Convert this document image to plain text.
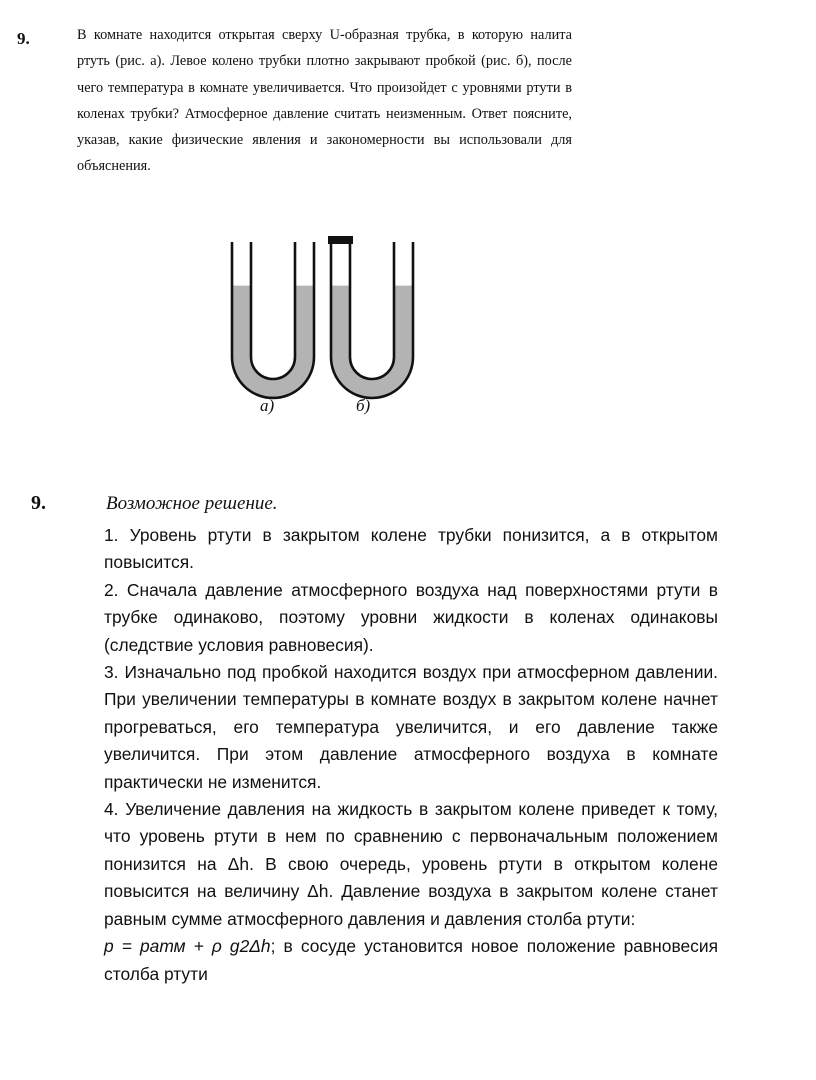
9.	В комнате находится открытая сверху U-образная трубка, в которую налита ртуть (рис. а). Левое колено трубки плотно закрывают пробкой (рис. б), после чего температура в комнате увеличивается. Что произойдет с уровнями ртути в коленах трубки? Атмосферное давление считать неизменным. Ответ поясните, указав, какие физические явления и закономерности вы использовали для объяснения.
а)	б)
9.	Возможное решение.

1. Уровень ртути в закрытом колене трубки понизится, а в открытом повысится.

2. Сначала давление атмосферного воздуха над поверхностями ртути в трубке одинаково, поэтому уровни жидкости в коленах одинаковы (следствие условия равновесия).

3. Изначально под пробкой находится воздух при атмосферном давлении. При увеличении температуры в комнате воздух в закрытом колене начнет прогреваться, его температура увеличится, и его давление также увеличится. При этом давление атмосферного воздуха в комнате практически не изменится.

4. Увеличение давления на жидкость в закрытом колене приведет к тому, что уровень ртути в нем по сравнению с первоначальным положением понизится на Δh. В свою очередь, уровень ртути в открытом колене повысится на величину Δh. Давление воздуха в закрытом колене станет равным сумме атмосферного давления и давления столба ртути:

p = pатм + ρ g2Δh; в сосуде установится новое положение равновесия столба ртути
